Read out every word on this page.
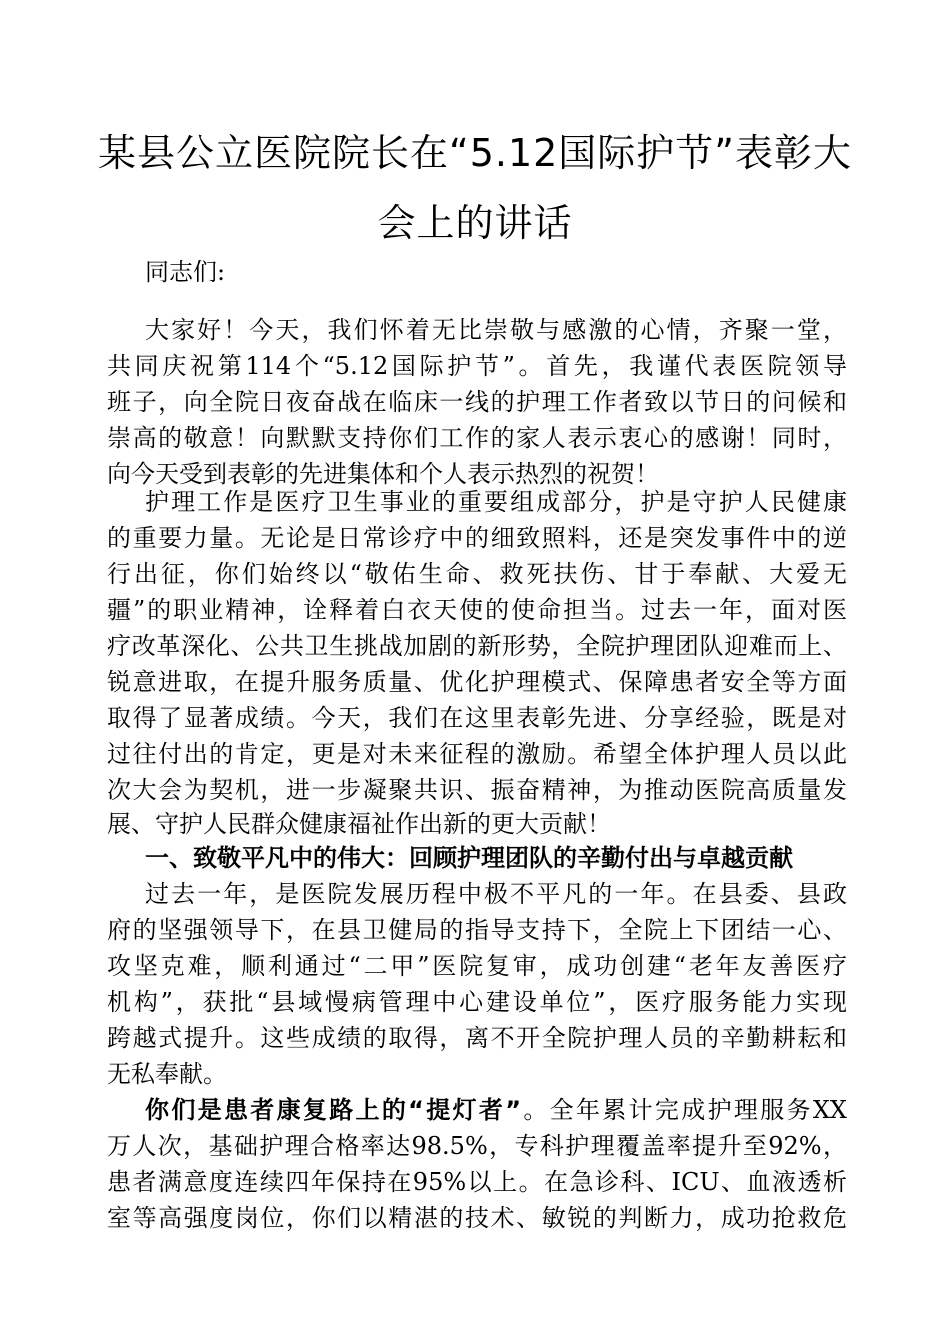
某县公立医院院长在“5.12国际护节”表彰大
会上的讲话
同志们:
大家好！今天，我们怀着无比崇敬与感激的心情，齐聚一堂，
共同庆祝第114个“5.12国际护节”。首先，我谨代表医院领导
班子，向全院日夜奋战在临床一线的护理工作者致以节日的问候和
崇高的敬意！向默默支持你们工作的家人表示衷心的感谢！同时，
向今天受到表彰的先进集体和个人表示热烈的祝贺！
护理工作是医疗卫生事业的重要组成部分，护是守护人民健康
的重要力量。无论是日常诊疗中的细致照料，还是突发事件中的逆
行出征，你们始终以“敬佑生命、救死扶伤、甘于奉献、大爱无
疆”的职业精神，诠释着白衣天使的使命担当。过去一年，面对医
疗改革深化、公共卫生挑战加剧的新形势，全院护理团队迎难而上、
锐意进取，在提升服务质量、优化护理模式、保障患者安全等方面
取得了显著成绩。今天，我们在这里表彰先进、分享经验，既是对
过往付出的肯定，更是对未来征程的激励。希望全体护理人员以此
次大会为契机，进一步凝聚共识、振奋精神，为推动医院高质量发
展、守护人民群众健康福祉作出新的更大贡献！
一、致敬平凡中的伟大：回顾护理团队的辛勤付出与卓越贡献
过去一年，是医院发展历程中极不平凡的一年。在县委、县政
府的坚强领导下，在县卫健局的指导支持下，全院上下团结一心、
攻坚克难，顺利通过“二甲”医院复审，成功创建“老年友善医疗
机构”，获批“县域慢病管理中心建设单位”，医疗服务能力实现
跨越式提升。这些成绩的取得，离不开全院护理人员的辛勤耕耘和
无私奉献。
你们是患者康复路上的“提灯者”。全年累计完成护理服务XX
万人次，基础护理合格率达98.5%，专科护理覆盖率提升至92%，
患者满意度连续四年保持在95%以上。在急诊科、ICU、血液透析
室等高强度岗位，你们以精湛的技术、敏锐的判断力，成功抢救危
